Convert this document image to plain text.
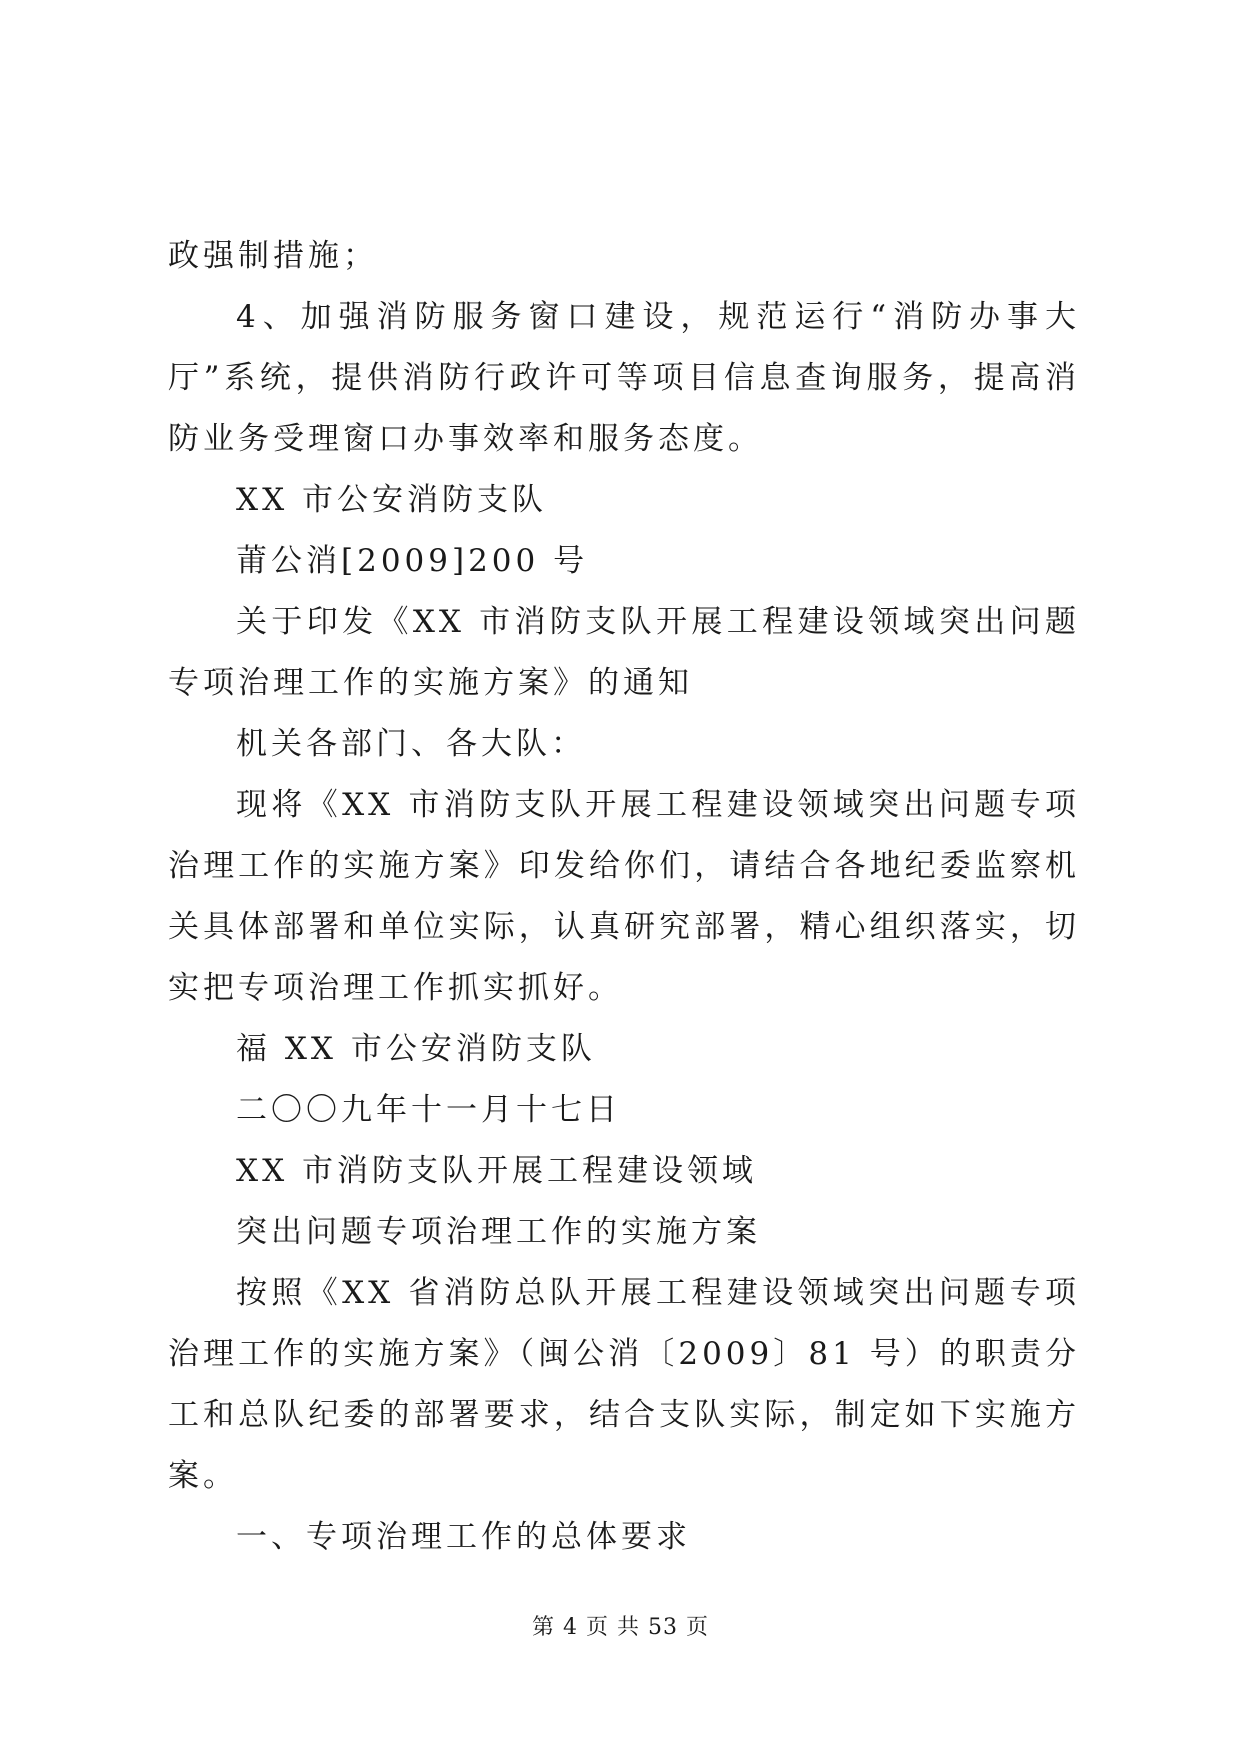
政强制措施；

4、加强消防服务窗口建设，规范运行“消防办事大厅”系统，提供消防行政许可等项目信息查询服务，提高消防业务受理窗口办事效率和服务态度。

XX 市公安消防支队

莆公消[2009]200 号

关于印发《XX 市消防支队开展工程建设领域突出问题专项治理工作的实施方案》的通知

机关各部门、各大队：

现将《XX 市消防支队开展工程建设领域突出问题专项治理工作的实施方案》印发给你们，请结合各地纪委监察机关具体部署和单位实际，认真研究部署，精心组织落实，切实把专项治理工作抓实抓好。

福 XX 市公安消防支队

二〇〇九年十一月十七日

XX 市消防支队开展工程建设领域

突出问题专项治理工作的实施方案

按照《XX 省消防总队开展工程建设领域突出问题专项治理工作的实施方案》（闽公消〔2009〕81 号）的职责分工和总队纪委的部署要求，结合支队实际，制定如下实施方案。

一、专项治理工作的总体要求

第 4 页 共 53 页
